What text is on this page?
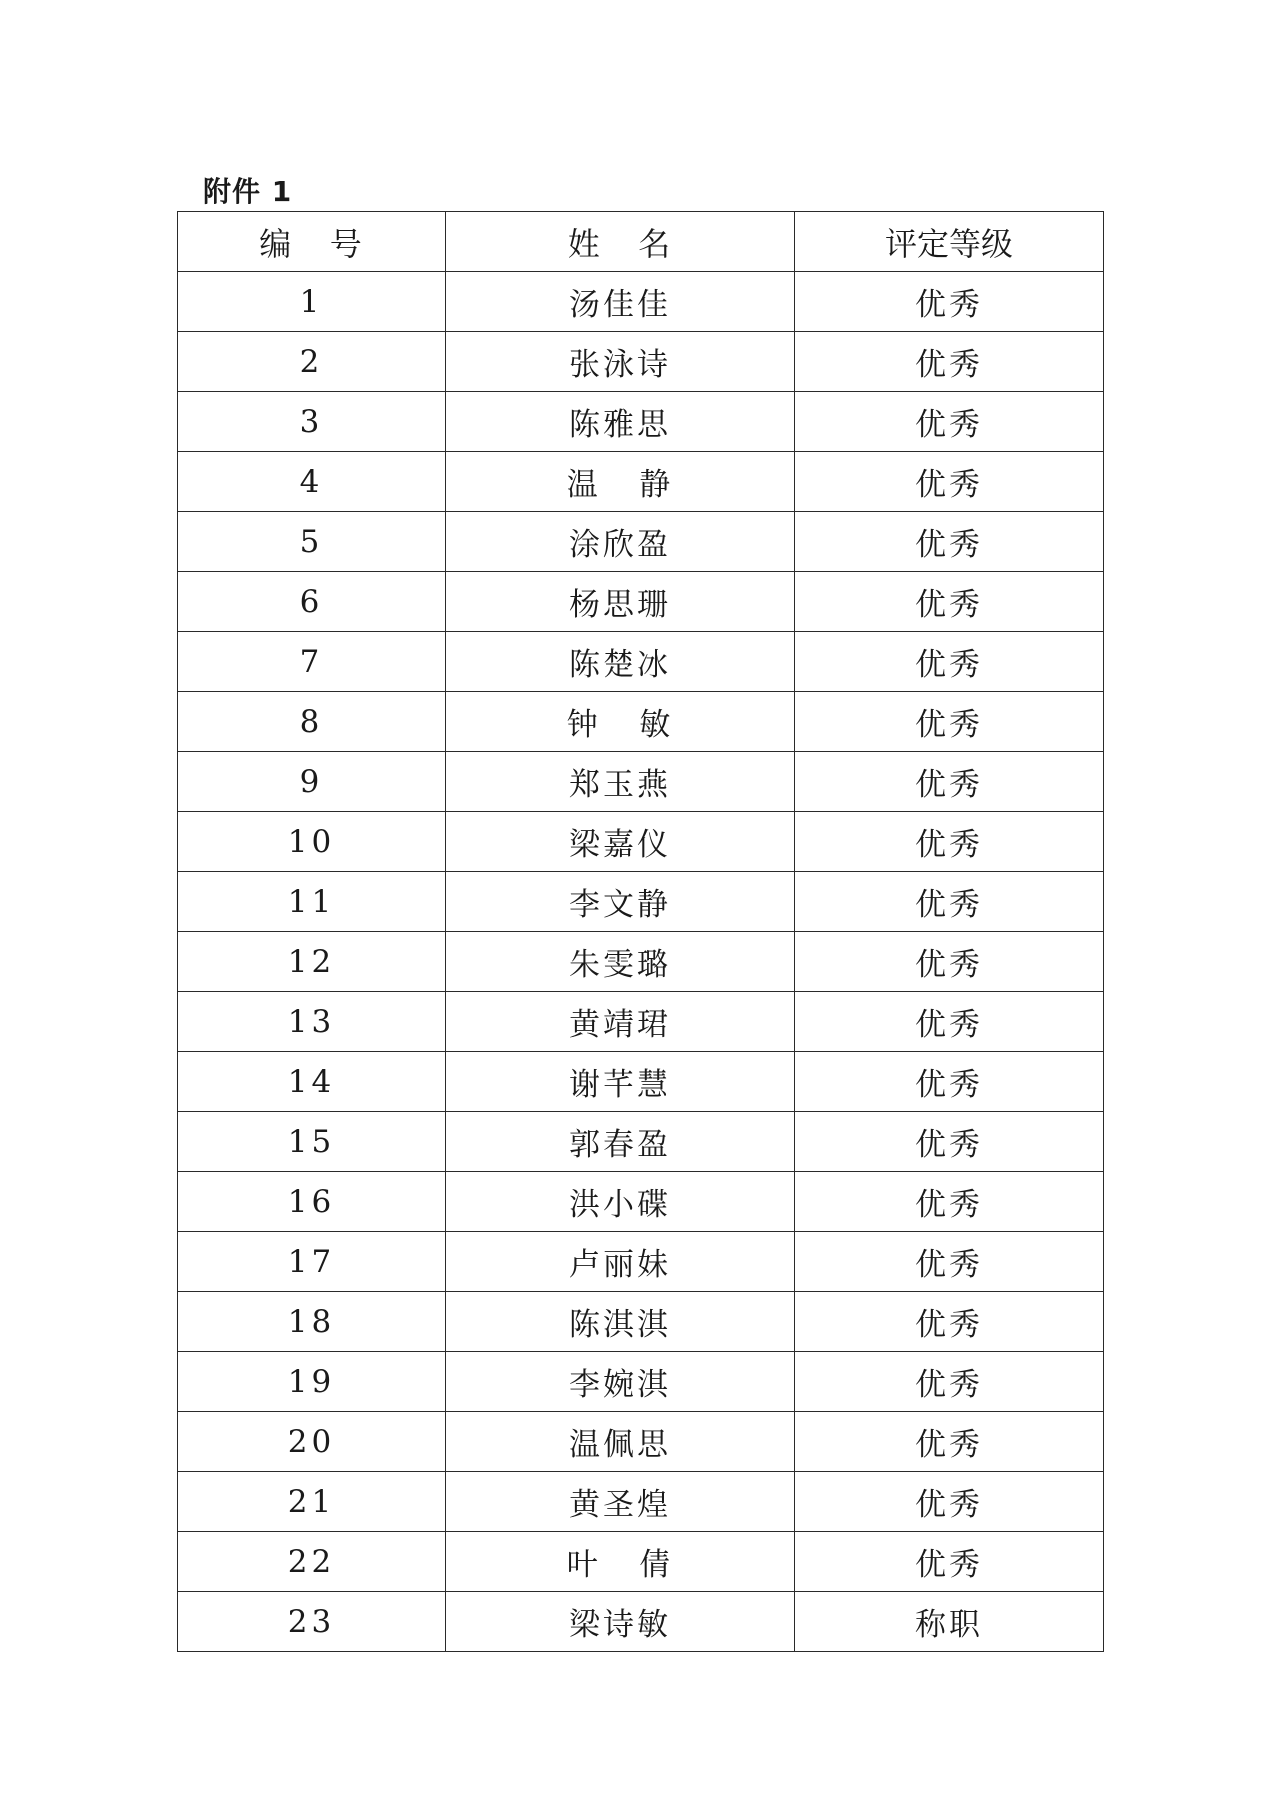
附件 1
编   号	姓   名	评定等级
1	汤佳佳	优秀
2	张泳诗	优秀
3	陈雅思	优秀
4	温   静	优秀
5	涂欣盈	优秀
6	杨思珊	优秀
7	陈楚冰	优秀
8	钟   敏	优秀
9	郑玉燕	优秀
10	梁嘉仪	优秀
11	李文静	优秀
12	朱雯璐	优秀
13	黄靖珺	优秀
14	谢芊慧	优秀
15	郭春盈	优秀
16	洪小碟	优秀
17	卢丽妹	优秀
18	陈淇淇	优秀
19	李婉淇	优秀
20	温佩思	优秀
21	黄圣煌	优秀
22	叶   倩	优秀
23	梁诗敏	称职
